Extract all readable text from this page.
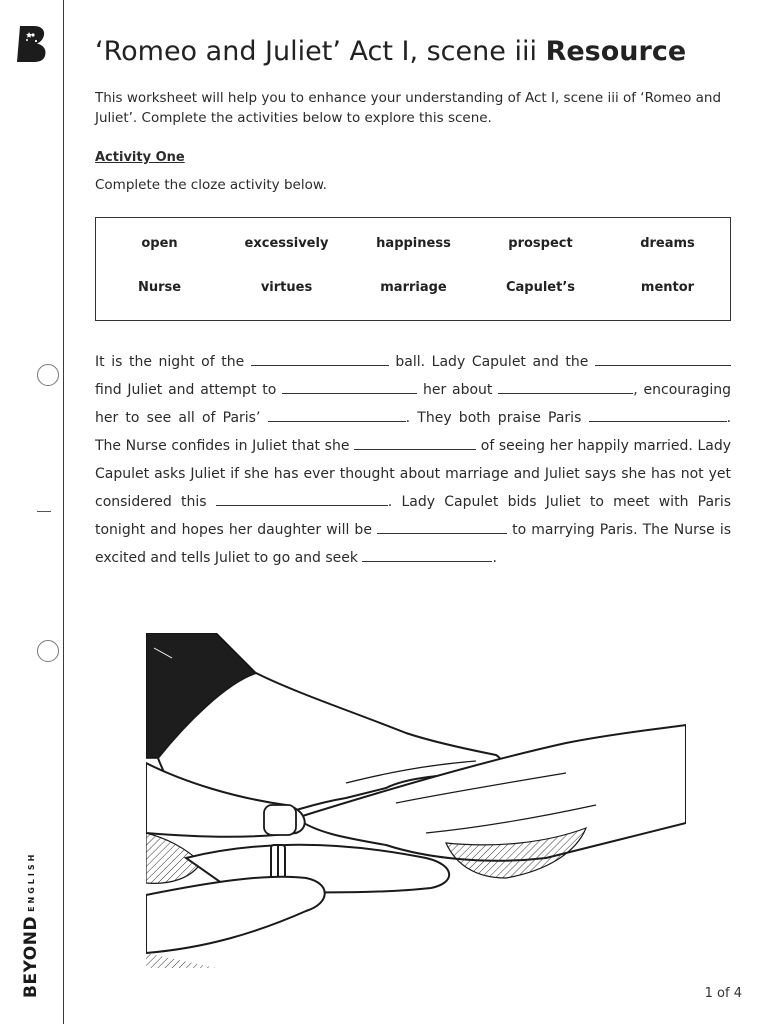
BEYONDENGLISH
‘Romeo and Juliet’ Act I, scene iii Resource
This worksheet will help you to enhance your understanding of Act I, scene iii of ‘Romeo and Juliet’. Complete the activities below to explore this scene.
Activity One
Complete the cloze activity below.
open	excessively	happiness	prospect	dreams
Nurse	virtues	marriage	Capulet’s	mentor
It is the night of the	ball. Lady Capulet and the  find Juliet and attempt to	her about	, encouraging her to see all of Paris’	. They both praise Paris	. The Nurse confides in Juliet that she	of seeing her happily married. Lady Capulet asks Juliet if she has ever thought about marriage and Juliet says she has not yet considered this	. Lady Capulet bids Juliet to meet with Paris tonight and hopes her daughter will be	to marrying Paris. The Nurse is excited and tells Juliet to go and seek	.
1 of 4
